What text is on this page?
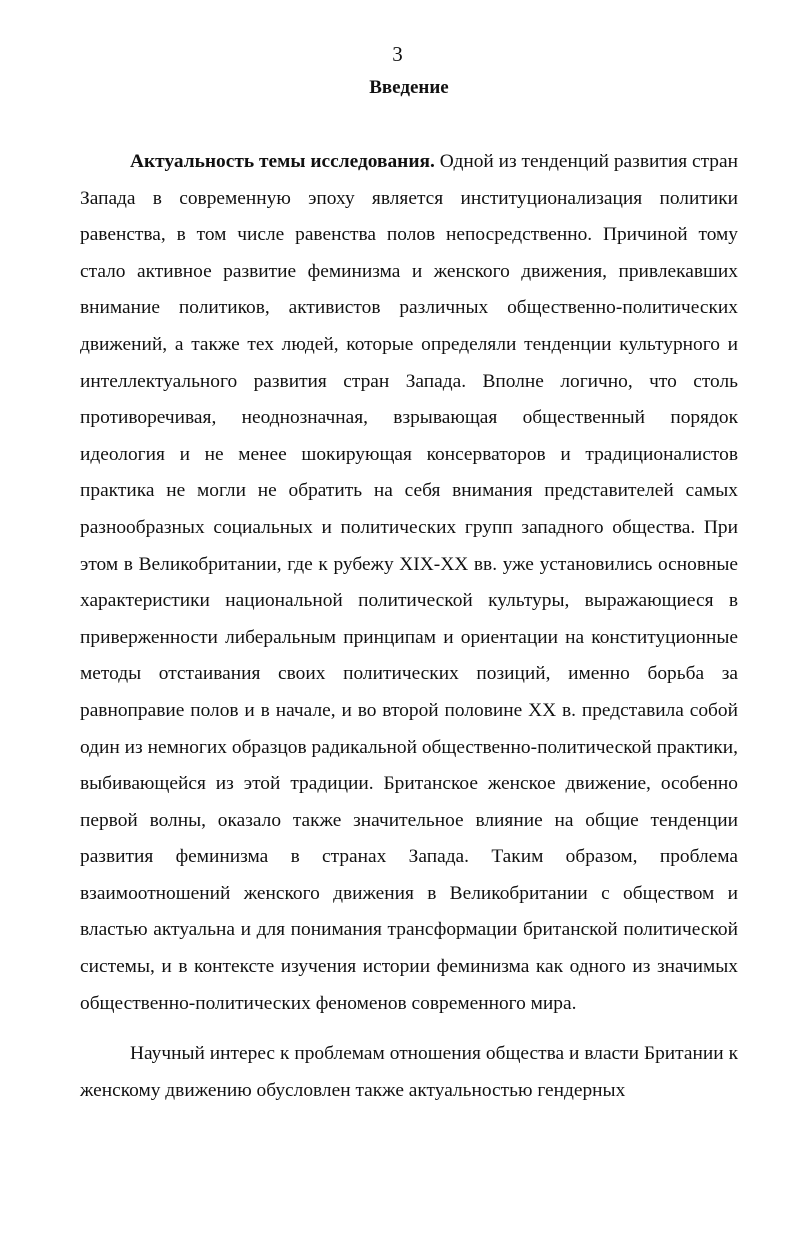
3
Введение

Актуальность темы исследования. Одной из тенденций развития стран Запада в современную эпоху является институционализация политики равенства, в том числе равенства полов непосредственно. Причиной тому стало активное развитие феминизма и женского движения, привлекавших внимание политиков, активистов различных общественно-политических движений, а также тех людей, которые определяли тенденции культурного и интеллектуального развития стран Запада. Вполне логично, что столь противоречивая, неоднозначная, взрывающая общественный порядок идеология и не менее шокирующая консерваторов и традиционалистов практика не могли не обратить на себя внимания представителей самых разнообразных социальных и политических групп западного общества. При этом в Великобритании, где к рубежу XIX-XX вв. уже установились основные характеристики национальной политической культуры, выражающиеся в приверженности либеральным принципам и ориентации на конституционные методы отстаивания своих политических позиций, именно борьба за равноправие полов и в начале, и во второй половине XX в. представила собой один из немногих образцов радикальной общественно-политической практики, выбивающейся из этой традиции. Британское женское движение, особенно первой волны, оказало также значительное влияние на общие тенденции развития феминизма в странах Запада. Таким образом, проблема взаимоотношений женского движения в Великобритании с обществом и властью актуальна и для понимания трансформации британской политической системы, и в контексте изучения истории феминизма как одного из значимых общественно-политических феноменов современного мира.

Научный интерес к проблемам отношения общества и власти Британии к женскому движению обусловлен также актуальностью гендерных
